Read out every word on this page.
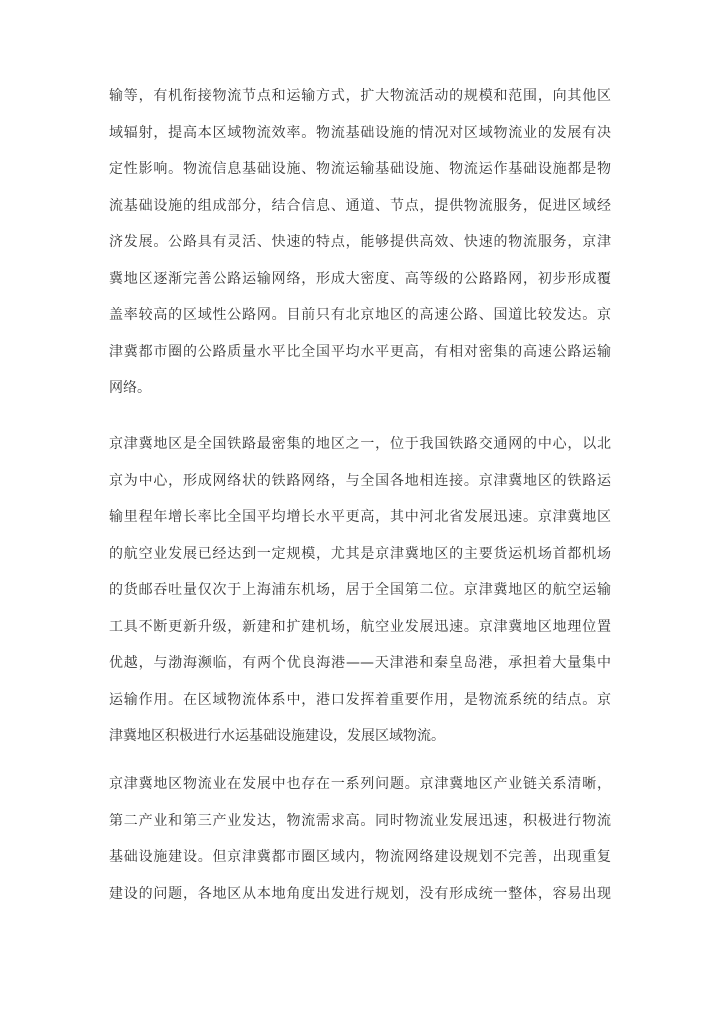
输等，有机衔接物流节点和运输方式，扩大物流活动的规模和范围，向其他区
域辐射，提高本区域物流效率。物流基础设施的情况对区域物流业的发展有决
定性影响。物流信息基础设施、物流运输基础设施、物流运作基础设施都是物
流基础设施的组成部分，结合信息、通道、节点，提供物流服务，促进区域经
济发展。公路具有灵活、快速的特点，能够提供高效、快速的物流服务，京津
冀地区逐渐完善公路运输网络，形成大密度、高等级的公路路网，初步形成覆
盖率较高的区域性公路网。目前只有北京地区的高速公路、国道比较发达。京
津冀都市圈的公路质量水平比全国平均水平更高，有相对密集的高速公路运输
网络。
京津冀地区是全国铁路最密集的地区之一，位于我国铁路交通网的中心，以北
京为中心，形成网络状的铁路网络，与全国各地相连接。京津冀地区的铁路运
输里程年增长率比全国平均增长水平更高，其中河北省发展迅速。京津冀地区
的航空业发展已经达到一定规模，尤其是京津冀地区的主要货运机场首都机场
的货邮吞吐量仅次于上海浦东机场，居于全国第二位。京津冀地区的航空运输
工具不断更新升级，新建和扩建机场，航空业发展迅速。京津冀地区地理位置
优越，与渤海濒临，有两个优良海港——天津港和秦皇岛港，承担着大量集中
运输作用。在区域物流体系中，港口发挥着重要作用，是物流系统的结点。京
津冀地区积极进行水运基础设施建设，发展区域物流。
京津冀地区物流业在发展中也存在一系列问题。京津冀地区产业链关系清晰，
第二产业和第三产业发达，物流需求高。同时物流业发展迅速，积极进行物流
基础设施建设。但京津冀都市圈区域内，物流网络建设规划不完善，出现重复
建设的问题，各地区从本地角度出发进行规划，没有形成统一整体，容易出现
